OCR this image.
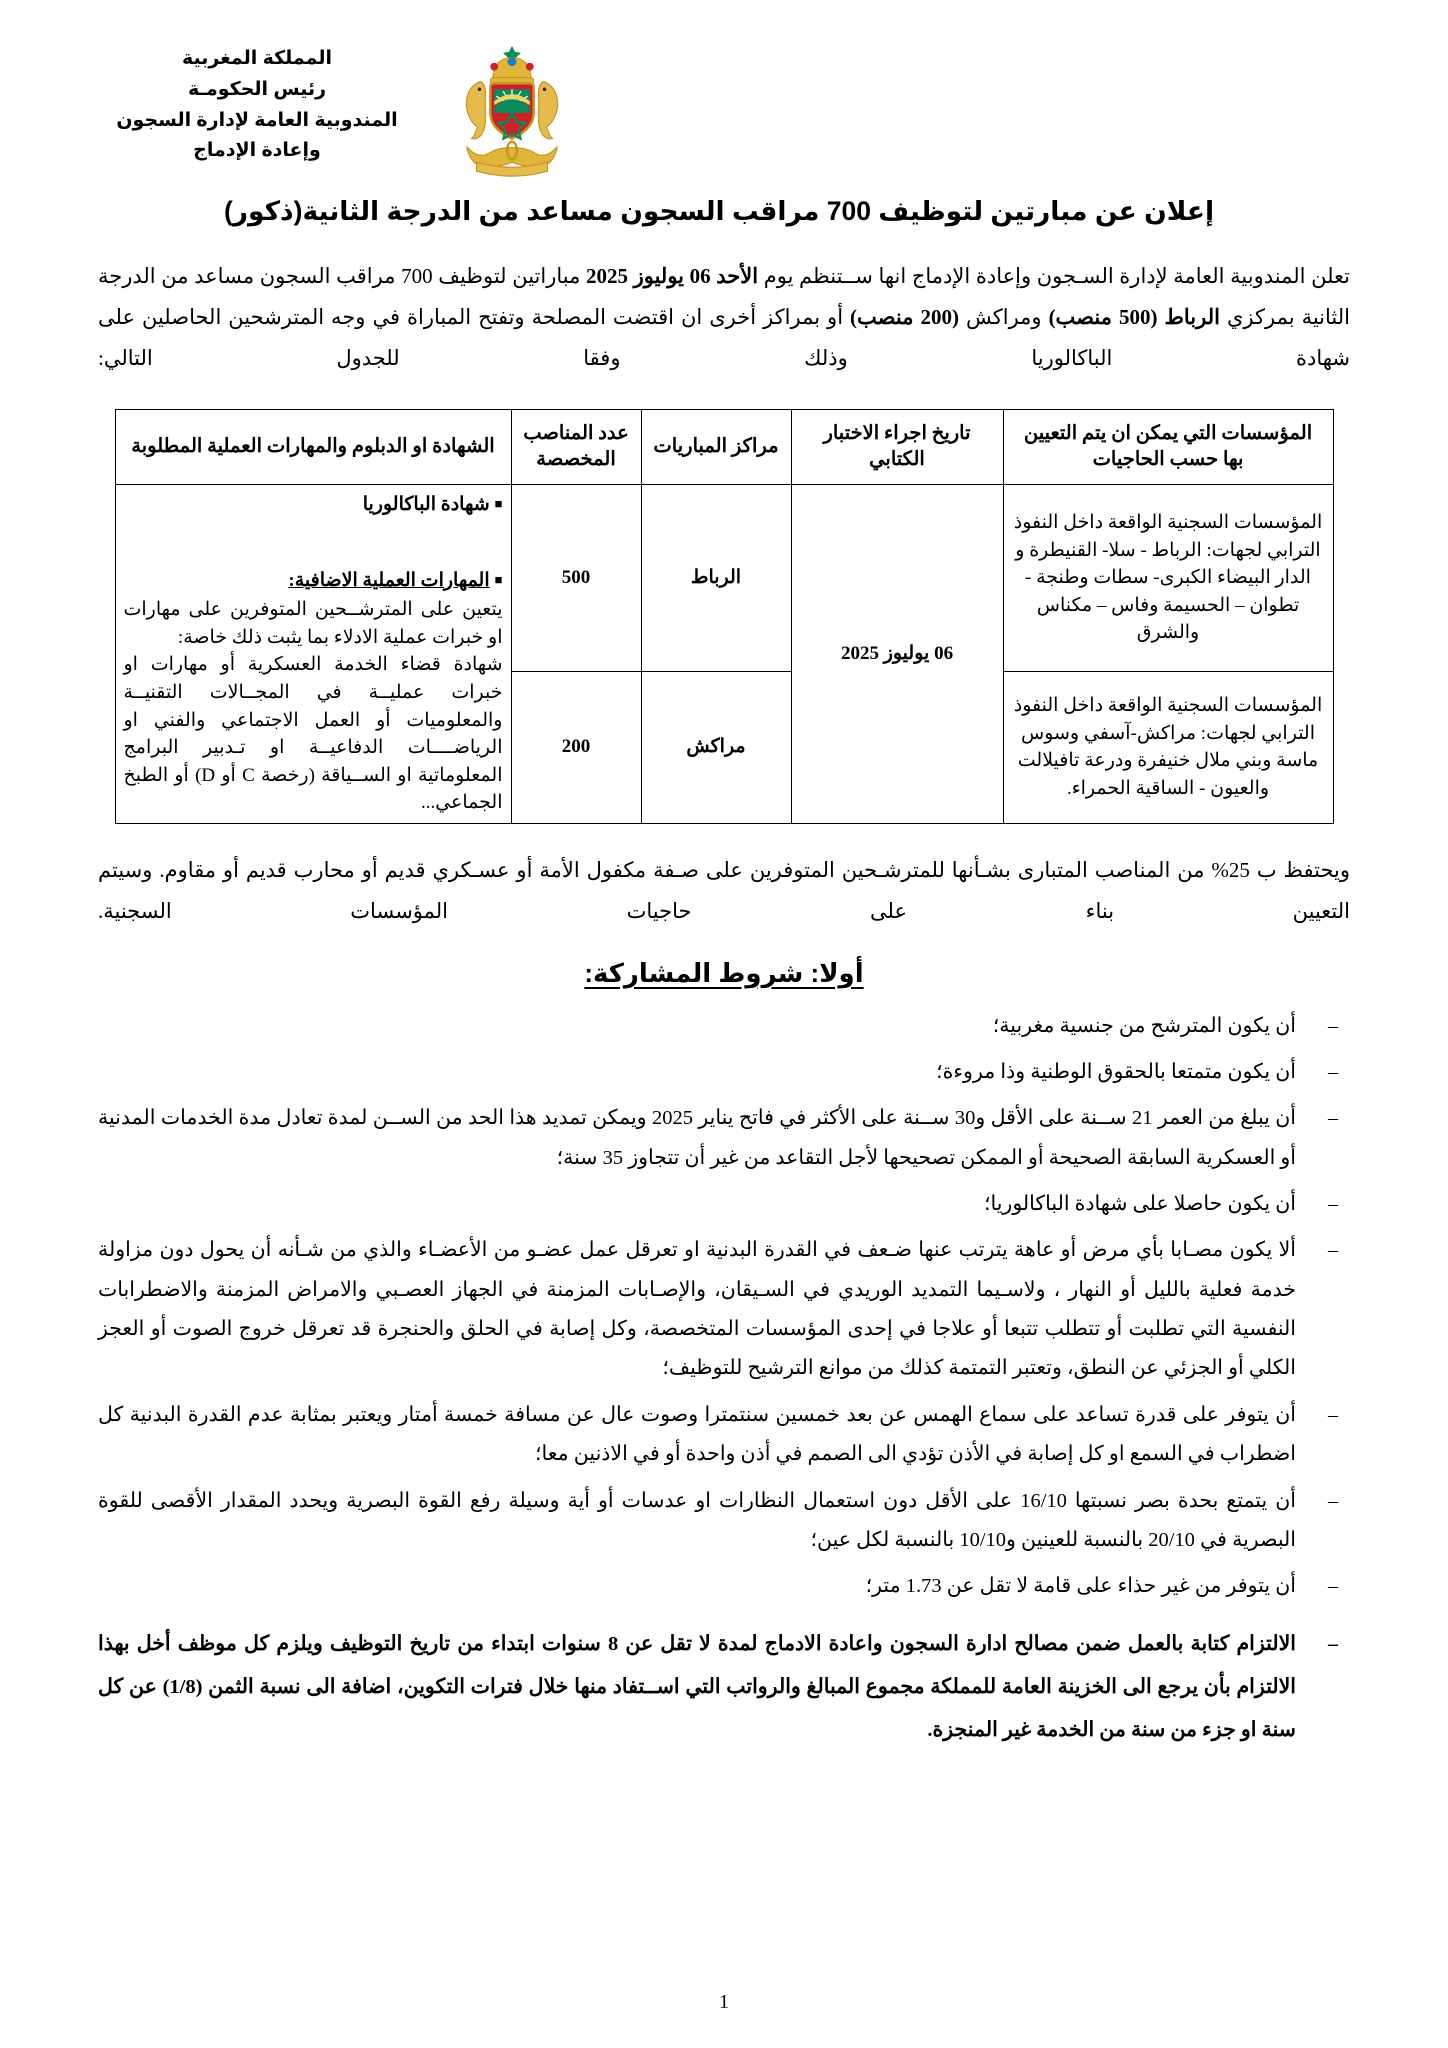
المملكة المغربية
رئيس الحكومـة
المندوبية العامة لإدارة السجون
وإعادة الإدماج
إعلان عن مبارتين لتوظيف 700 مراقب السجون مساعد من الدرجة الثانية(ذكور)

تعلن المندوبية العامة لإدارة السـجون وإعادة الإدماج انها ســتنظم يوم الأحد 06 يوليوز 2025 مباراتين لتوظيف 700 مراقب السجون مساعد من الدرجة الثانية بمركزي الرباط (500 منصب) ومراكش (200 منصب) أو بمراكز أخرى ان اقتضت المصلحة وتفتح المباراة في وجه المترشحين الحاصلين على شهادة الباكالوريا وذلك وفقا للجدول التالي:

المؤسسات التي يمكن ان يتم التعيين بها حسب الحاجيات	تاريخ اجراء الاختبار الكتابي	مراكز المباريات	عدد المناصب المخصصة	الشهادة او الدبلوم والمهارات العملية المطلوبة
المؤسسات السجنية الواقعة داخل النفوذ الترابي لجهات: الرباط - سلا- القنيطرة و الدار البيضاء الكبرى- سطات وطنجة - تطوان – الحسيمة وفاس – مكناس والشرق	06 يوليوز 2025	الرباط	500	■شهادة الباكالوريا
■المهارات العملية الاضافية:

يتعين على المترشــحين المتوفرين على مهارات او خبرات عملية الادلاء بما يثبت ذلك خاصة:

شهادة قضاء الخدمة العسكرية أو مهارات او خبرات عمليــة في المجــالات التقنيــة والمعلوميات أو العمل الاجتماعي والفني او الرياضــــات الدفاعيــة او تـدبير البرامج المعلوماتية او الســياقة (رخصة C أو D) أو الطبخ الجماعي...

المؤسسات السجنية الواقعة داخل النفوذ الترابي لجهات: مراكش-آسفي وسوس ماسة وبني ملال خنيفرة ودرعة تافيلالت والعيون - الساقية الحمراء.		مراكش	200	

ويحتفظ ب 25% من المناصب المتبارى بشـأنها للمترشـحين المتوفرين على صـفة مكفول الأمة أو عسـكري قديم أو محارب قديم أو مقاوم. وسيتم التعيين بناء على حاجيات المؤسسات السجنية.

أولا: شروط المشاركة:
– أن يكون المترشح من جنسية مغربية؛
– أن يكون متمتعا بالحقوق الوطنية وذا مروءة؛
– أن يبلغ من العمر 21 ســنة على الأقل و30 ســنة على الأكثر في فاتح يناير 2025 ويمكن تمديد هذا الحد من الســن لمدة تعادل مدة الخدمات المدنية أو العسكرية السابقة الصحيحة أو الممكن تصحيحها لأجل التقاعد من غير أن تتجاوز 35 سنة؛
– أن يكون حاصلا على شهادة الباكالوريا؛
– ألا يكون مصـابا بأي مرض أو عاهة يترتب عنها ضـعف في القدرة البدنية او تعرقل عمل عضـو من الأعضـاء والذي من شـأنه أن يحول دون مزاولة خدمة فعلية بالليل أو النهار ، ولاسـيما التمديد الوريدي في السـيقان، والإصـابات المزمنة في الجهاز العصـبي والامراض المزمنة والاضطرابات النفسية التي تطلبت أو تتطلب تتبعا أو علاجا في إحدى المؤسسات المتخصصة، وكل إصابة في الحلق والحنجرة قد تعرقل خروج الصوت أو العجز الكلي أو الجزئي عن النطق، وتعتبر التمتمة كذلك من موانع الترشيح للتوظيف؛
– أن يتوفر على قدرة تساعد على سماع الهمس عن بعد خمسين سنتمترا وصوت عال عن مسافة خمسة أمتار ويعتبر بمثابة عدم القدرة البدنية كل اضطراب في السمع او كل إصابة في الأذن تؤدي الى الصمم في أذن واحدة أو في الاذنين معا؛
– أن يتمتع بحدة بصر نسبتها 16/10 على الأقل دون استعمال النظارات او عدسات أو أية وسيلة رفع القوة البصرية ويحدد المقدار الأقصى للقوة البصرية في 20/10 بالنسبة للعينين و10/10 بالنسبة لكل عين؛
– أن يتوفر من غير حذاء على قامة لا تقل عن 1.73 متر؛
– الالتزام كتابة بالعمل ضمن مصالح ادارة السجون واعادة الادماج لمدة لا تقل عن 8 سنوات ابتداء من تاريخ التوظيف ويلزم كل موظف أخل بهذا الالتزام بأن يرجع الى الخزينة العامة للمملكة مجموع المبالغ والرواتب التي اســتفاد منها خلال فترات التكوين، اضافة الى نسبة الثمن (1/8) عن كل سنة او جزء من سنة من الخدمة غير المنجزة.
1
